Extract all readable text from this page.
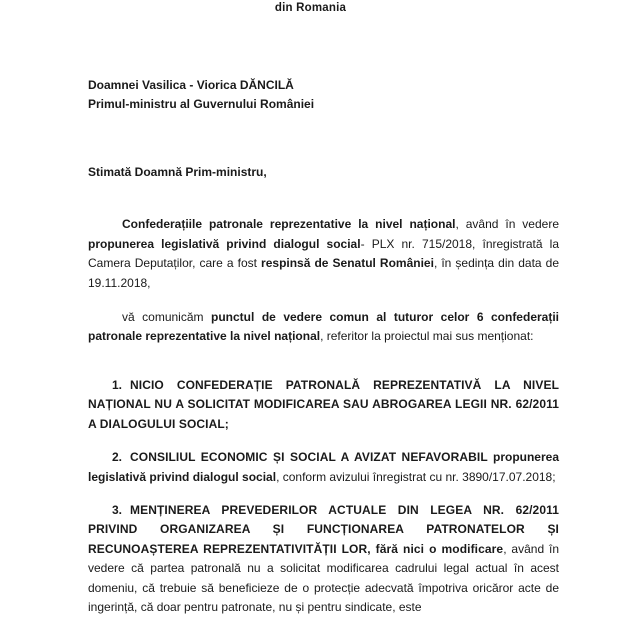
din Romania
Doamnei Vasilica - Viorica DĂNCILĂ
Primul-ministru al Guvernului României
Stimată Doamnă Prim-ministru,

Confederațiile patronale reprezentative la nivel național, având în vedere propunerea legislativă privind dialogul social- PLX nr. 715/2018, înregistrată la Camera Deputaților, care a fost respinsă de Senatul României, în ședința din data de 19.11.2018,

vă comunicăm punctul de vedere comun al tuturor celor 6 confederații patronale reprezentative la nivel național, referitor la proiectul mai sus menționat:

1. NICIO CONFEDERAȚIE PATRONALĂ REPREZENTATIVĂ LA NIVEL NAȚIONAL NU A SOLICITAT MODIFICAREA SAU ABROGAREA LEGII NR. 62/2011 A DIALOGULUI SOCIAL;

2. CONSILIUL ECONOMIC ȘI SOCIAL A AVIZAT NEFAVORABIL propunerea legislativă privind dialogul social, conform avizului înregistrat cu nr. 3890/17.07.2018;

3. MENȚINEREA PREVEDERILOR ACTUALE DIN LEGEA NR. 62/2011 PRIVIND ORGANIZAREA ȘI FUNCȚIONAREA PATRONATELOR ȘI RECUNOAȘTEREA REPREZENTATIVITĂȚII LOR, fără nici o modificare, având în vedere că partea patronală nu a solicitat modificarea cadrului legal actual în acest domeniu, că trebuie să beneficieze de o protecție adecvată împotriva oricăror acte de ingerință, că doar pentru patronate, nu și pentru sindicate, este
